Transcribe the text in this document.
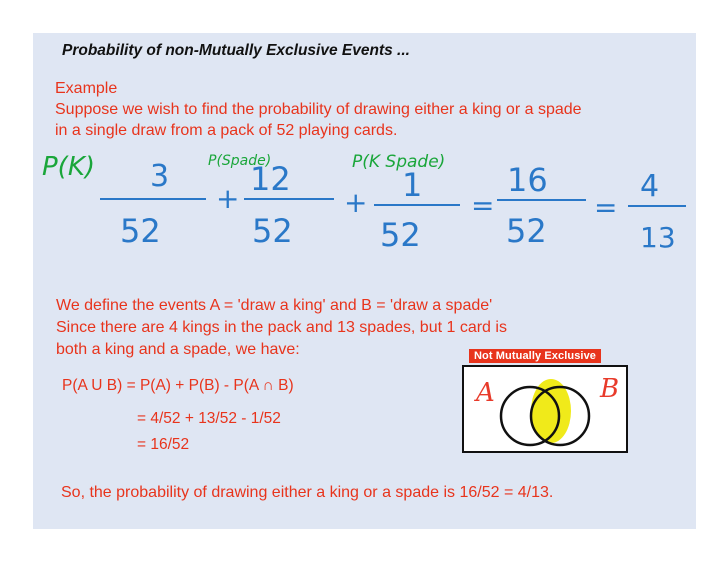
Probability of non-Mutually Exclusive Events ...
Example
Suppose we wish to find the probability of drawing either a king or a spade
in a single draw from a pack of 52 playing cards.
P(K)	P(Spade)	P(K Spade)
3
52
+
12
52
+ 1
52
=
16
52
=
4
13
We define the events A = 'draw a king' and B = 'draw a spade'
Since there are 4 kings in the pack and 13 spades, but 1 card is
both a king and a spade, we have:	Not Mutually Exclusive
A	B
P(A U B) = P(A) + P(B) - P(A ∩ B)
= 4/52 + 13/52 - 1/52
= 16/52
So, the probability of drawing either a king or a spade is 16/52 = 4/13.
